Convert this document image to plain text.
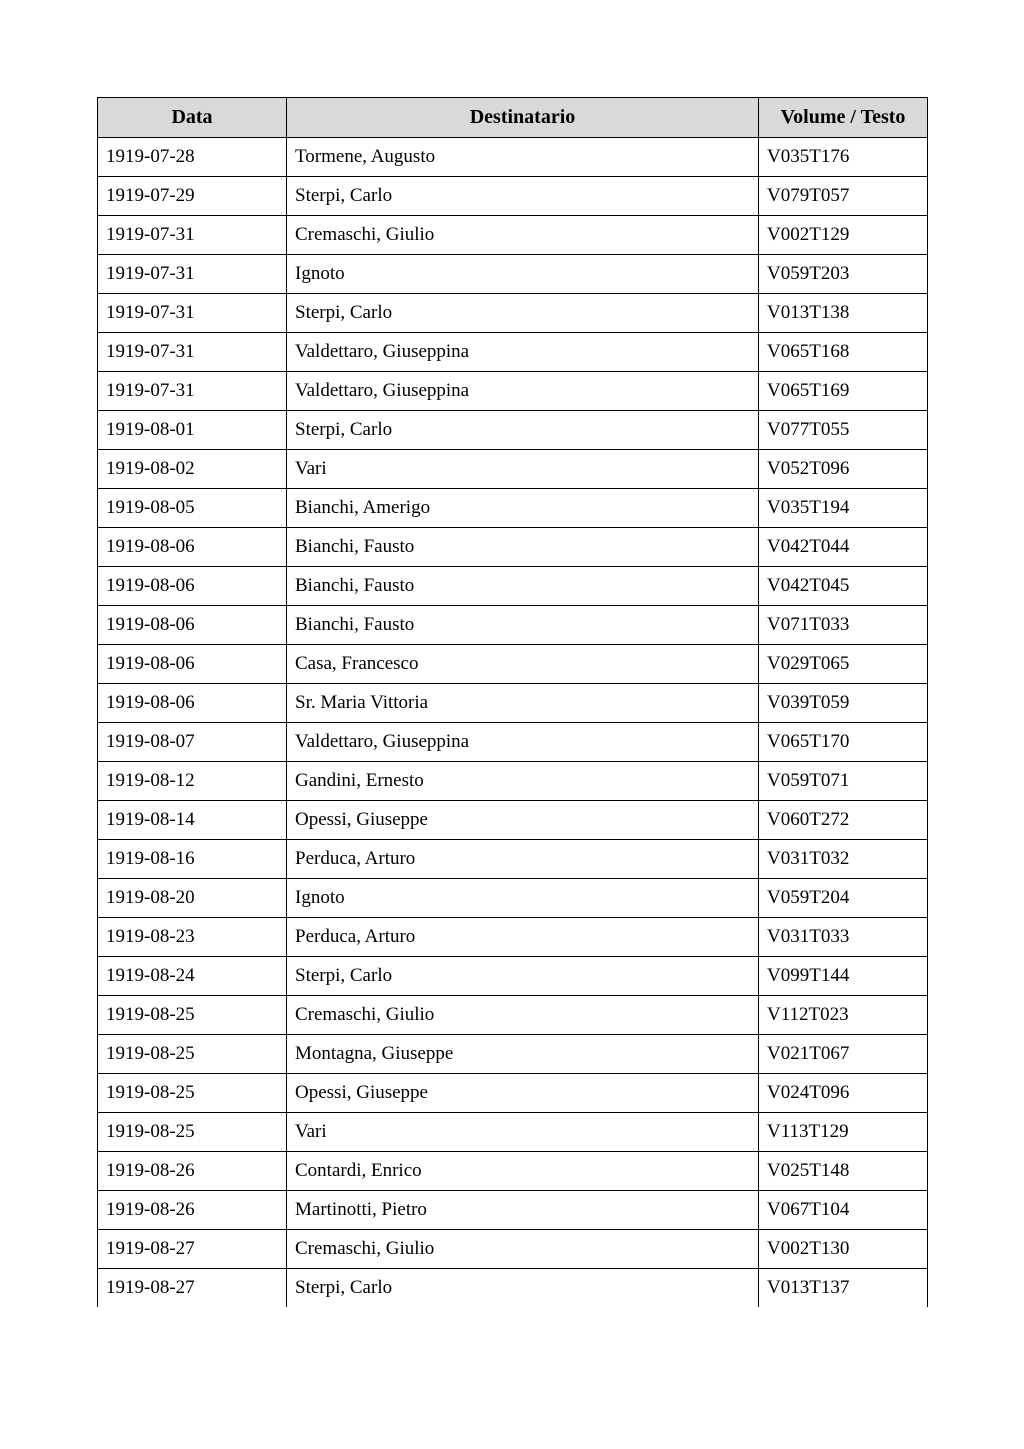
Data	Destinatario	Volume / Testo
1919-07-28	Tormene, Augusto	V035T176
1919-07-29	Sterpi, Carlo	V079T057
1919-07-31	Cremaschi, Giulio	V002T129
1919-07-31	Ignoto	V059T203
1919-07-31	Sterpi, Carlo	V013T138
1919-07-31	Valdettaro, Giuseppina	V065T168
1919-07-31	Valdettaro, Giuseppina	V065T169
1919-08-01	Sterpi, Carlo	V077T055
1919-08-02	Vari	V052T096
1919-08-05	Bianchi, Amerigo	V035T194
1919-08-06	Bianchi, Fausto	V042T044
1919-08-06	Bianchi, Fausto	V042T045
1919-08-06	Bianchi, Fausto	V071T033
1919-08-06	Casa, Francesco	V029T065
1919-08-06	Sr. Maria Vittoria	V039T059
1919-08-07	Valdettaro, Giuseppina	V065T170
1919-08-12	Gandini, Ernesto	V059T071
1919-08-14	Opessi, Giuseppe	V060T272
1919-08-16	Perduca, Arturo	V031T032
1919-08-20	Ignoto	V059T204
1919-08-23	Perduca, Arturo	V031T033
1919-08-24	Sterpi, Carlo	V099T144
1919-08-25	Cremaschi, Giulio	V112T023
1919-08-25	Montagna, Giuseppe	V021T067
1919-08-25	Opessi, Giuseppe	V024T096
1919-08-25	Vari	V113T129
1919-08-26	Contardi, Enrico	V025T148
1919-08-26	Martinotti, Pietro	V067T104
1919-08-27	Cremaschi, Giulio	V002T130
1919-08-27	Sterpi, Carlo	V013T137
